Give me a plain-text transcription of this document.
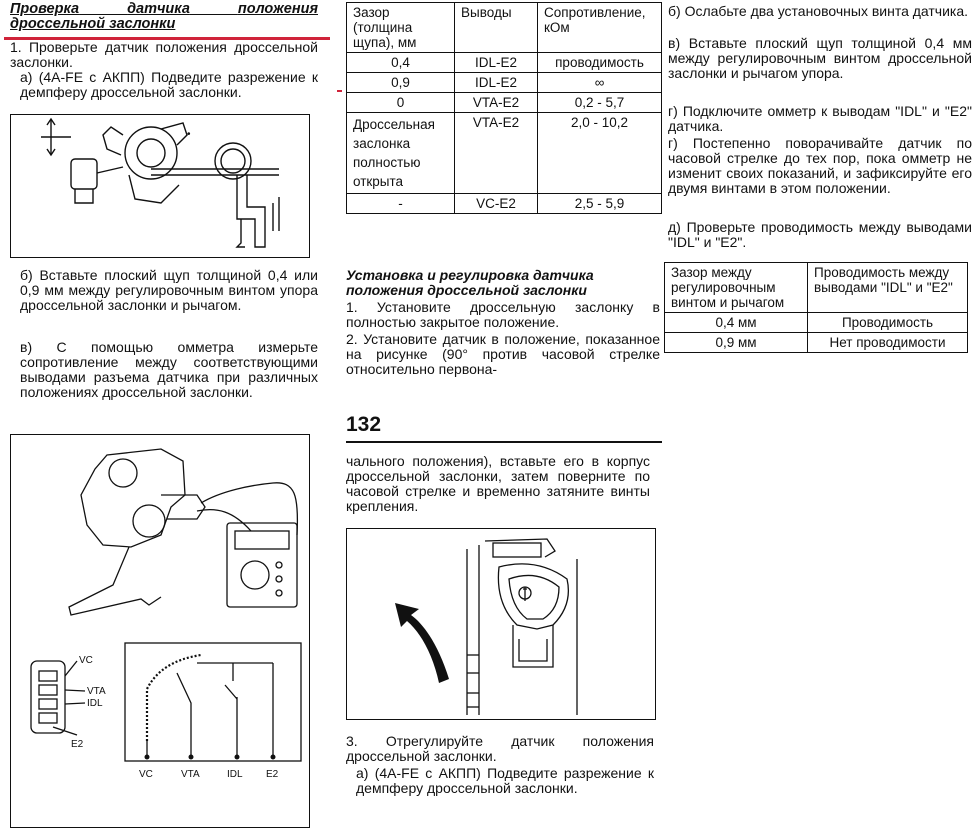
Проверка	датчика	положения
дроссельной заслонки

1. Проверьте датчик положения дроссельной заслонки.

а) (4A-FE с АКПП) Подведите разрежение к демпферу дроссельной заслонки.

•

б) Вставьте плоский щуп толщиной 0,4 или 0,9 мм между регулировочным винтом упора дроссельной заслонки и рычагом.

в) С помощью омметра измерьте сопротивление между соответствующими выводами разъема датчика при различных положениях дроссельной заслонки.

VC
VTA
IDL
E2
VC	VTA	IDL E2
Зазор (толщина щупа), мм	Выводы	Сопротивление, кОм
0,4	IDL-E2	проводимость
0,9	IDL-E2	∞
0	VTA-E2	0,2 - 5,7
Дроссельная заслонка полностью открыта	VTA-E2	2,0 - 10,2
-	VC-E2	2,5 - 5,9

Установка и регулировка датчика положения дроссельной заслонки

1. Установите дроссельную заслонку в полностью закрытое положение.

2. Установите датчик в положение, показанное на рисунке (90° против часовой стрелке относительно первона-

132

чального положения), вставьте его в корпус дроссельной заслонки, затем поверните по часовой стрелке и временно затяните винты крепления.

3. Отрегулируйте датчик положения дроссельной заслонки.

а) (4A-FE с АКПП) Подведите разрежение к демпферу дроссельной заслонки.

б) Ослабьте два установочных винта датчика.

в) Вставьте плоский щуп толщиной 0,4 мм между регулировочным винтом дроссельной заслонки и рычагом упора.

г) Подключите омметр к выводам "IDL" и "E2" датчика.

г) Постепенно поворачивайте датчик по часовой стрелке до тех пор, пока омметр не изменит своих показаний, и зафиксируйте его двумя винтами в этом положении.

д) Проверьте проводимость между выводами "IDL" и "E2".

Зазор между регулировочным винтом и рычагом	Проводимость между выводами "IDL" и "E2"
0,4 мм	Проводимость
0,9 мм	Нет проводимости
